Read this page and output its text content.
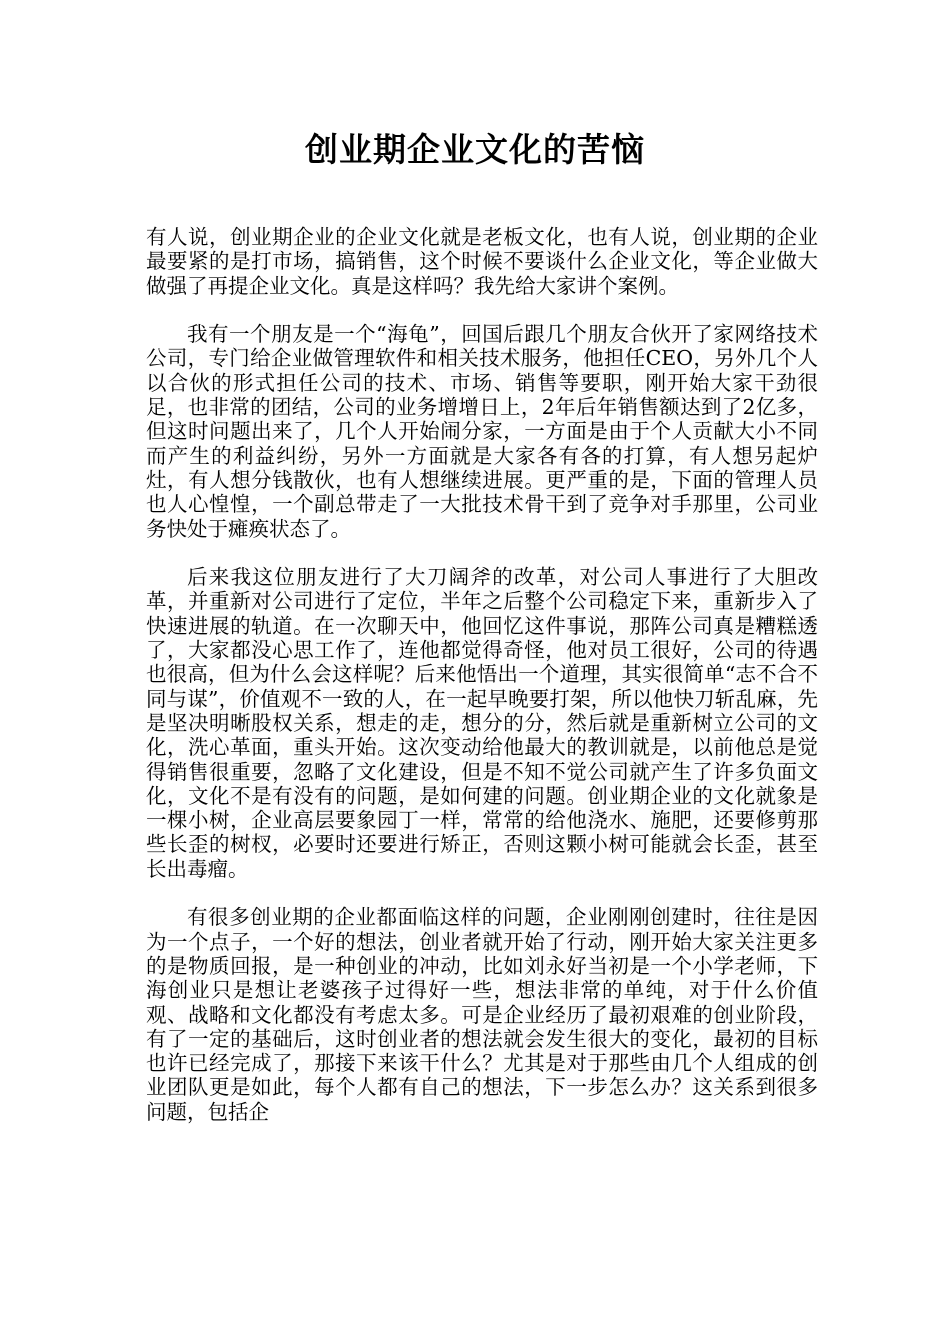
创业期企业文化的苦恼

有人说，创业期企业的企业文化就是老板文化，也有人说，创业期的企业最要紧的是打市场，搞销售，这个时候不要谈什么企业文化，等企业做大做强了再提企业文化。真是这样吗？我先给大家讲个案例。

我有一个朋友是一个“海龟”，回国后跟几个朋友合伙开了家网络技术公司，专门给企业做管理软件和相关技术服务，他担任CEO，另外几个人以合伙的形式担任公司的技术、市场、销售等要职，刚开始大家干劲很足，也非常的团结，公司的业务增增日上，2年后年销售额达到了2亿多，但这时问题出来了，几个人开始闹分家，一方面是由于个人贡献大小不同而产生的利益纠纷，另外一方面就是大家各有各的打算，有人想另起炉灶，有人想分钱散伙，也有人想继续进展。更严重的是，下面的管理人员也人心惶惶，一个副总带走了一大批技术骨干到了竞争对手那里，公司业务快处于瘫痪状态了。

后来我这位朋友进行了大刀阔斧的改革，对公司人事进行了大胆改革，并重新对公司进行了定位，半年之后整个公司稳定下来，重新步入了快速进展的轨道。在一次聊天中，他回忆这件事说，那阵公司真是糟糕透了，大家都没心思工作了，连他都觉得奇怪，他对员工很好，公司的待遇也很高，但为什么会这样呢？后来他悟出一个道理，其实很简单“志不合不同与谋”，价值观不一致的人，在一起早晚要打架，所以他快刀斩乱麻，先是坚决明晰股权关系，想走的走，想分的分，然后就是重新树立公司的文化，洗心革面，重头开始。这次变动给他最大的教训就是，以前他总是觉得销售很重要，忽略了文化建设，但是不知不觉公司就产生了许多负面文化，文化不是有没有的问题，是如何建的问题。创业期企业的文化就象是一棵小树，企业高层要象园丁一样，常常的给他浇水、施肥，还要修剪那些长歪的树杈，必要时还要进行矫正，否则这颗小树可能就会长歪，甚至长出毒瘤。

有很多创业期的企业都面临这样的问题，企业刚刚创建时，往往是因为一个点子，一个好的想法，创业者就开始了行动，刚开始大家关注更多的是物质回报，是一种创业的冲动，比如刘永好当初是一个小学老师，下海创业只是想让老婆孩子过得好一些，想法非常的单纯，对于什么价值观、战略和文化都没有考虑太多。可是企业经历了最初艰难的创业阶段，有了一定的基础后，这时创业者的想法就会发生很大的变化，最初的目标也许已经完成了，那接下来该干什么？尤其是对于那些由几个人组成的创业团队更是如此，每个人都有自己的想法，下一步怎么办？这关系到很多问题，包括企
